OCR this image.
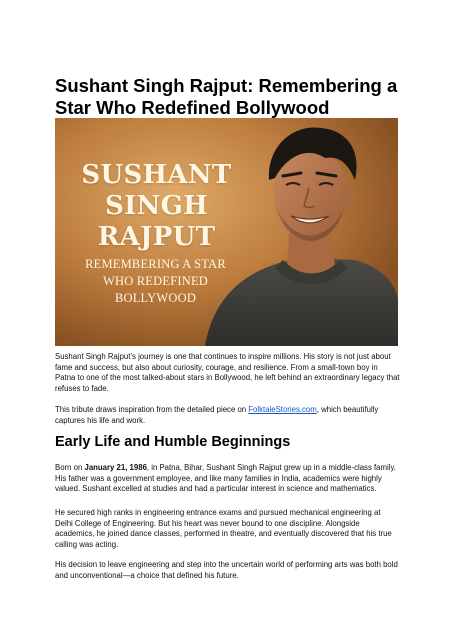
Sushant Singh Rajput: Remembering a Star Who Redefined Bollywood
SUSHANT
SINGH
RAJPUT
REMEMBERING A STAR
WHO REDEFINED
BOLLYWOOD

Sushant Singh Rajput’s journey is one that continues to inspire millions. His story is not just about fame and success, but also about curiosity, courage, and resilience. From a small-town boy in Patna to one of the most talked-about stars in Bollywood, he left behind an extraordinary legacy that refuses to fade.

This tribute draws inspiration from the detailed piece on FolktaleStories.com, which beautifully captures his life and work.

Early Life and Humble Beginnings

Born on January 21, 1986, in Patna, Bihar, Sushant Singh Rajput grew up in a middle-class family. His father was a government employee, and like many families in India, academics were highly valued. Sushant excelled at studies and had a particular interest in science and mathematics.

He secured high ranks in engineering entrance exams and pursued mechanical engineering at Delhi College of Engineering. But his heart was never bound to one discipline. Alongside academics, he joined dance classes, performed in theatre, and eventually discovered that his true calling was acting.

His decision to leave engineering and step into the uncertain world of performing arts was both bold and unconventional—a choice that defined his future.
